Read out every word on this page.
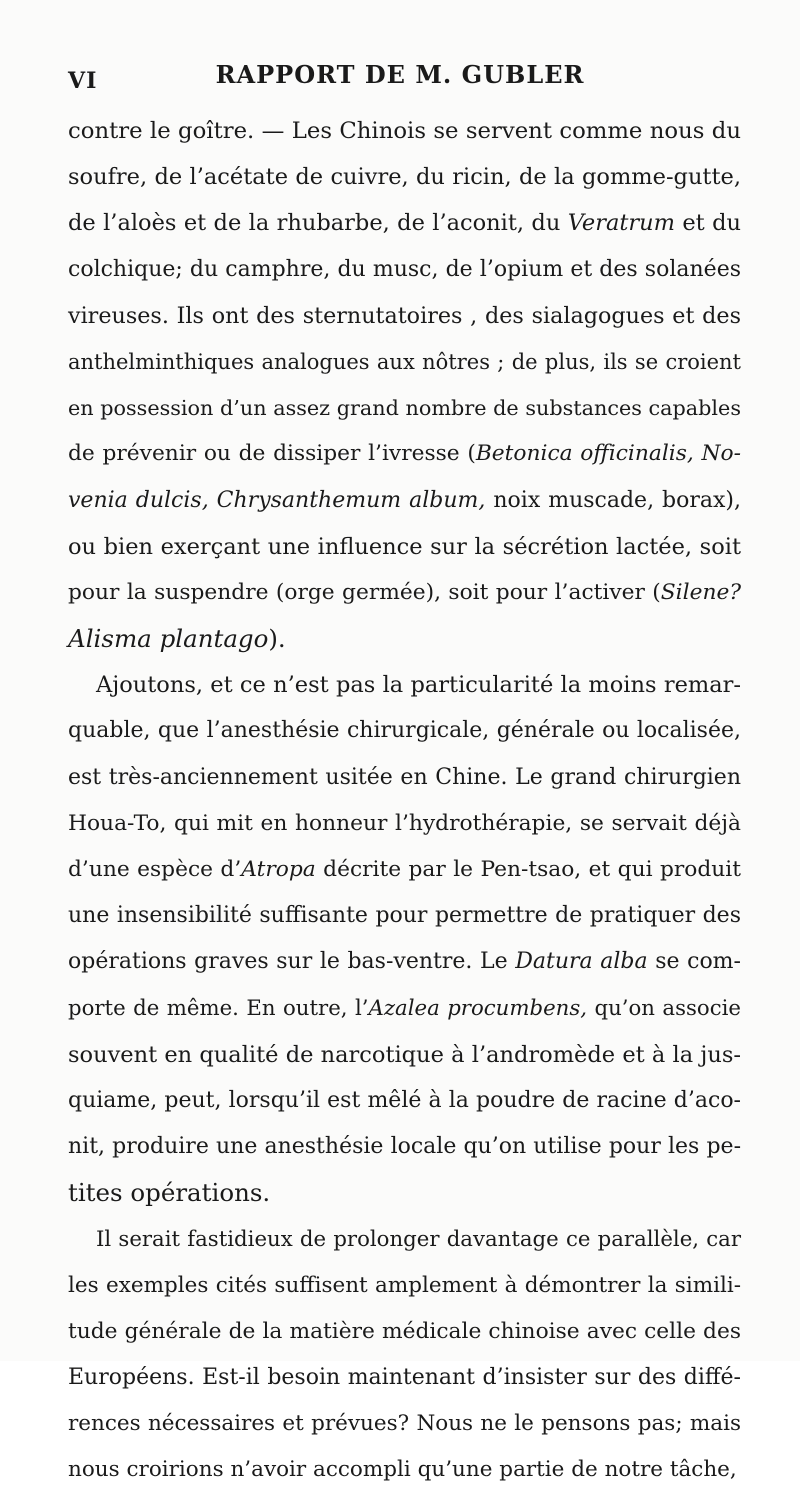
VI	RAPPORT DE M. GUBLER
contre le goître. — Les Chinois se servent comme nous du
soufre, de l’acétate de cuivre, du ricin, de la gomme-gutte,
de l’aloès et de la rhubarbe, de l’aconit, du Veratrum et du
colchique; du camphre, du musc, de l’opium et des solanées
vireuses. Ils ont des sternutatoires , des sialagogues et des
anthelminthiques analogues aux nôtres ; de plus, ils se croient
en possession d’un assez grand nombre de substances capables
de prévenir ou de dissiper l’ivresse (Betonica officinalis, No-
venia dulcis, Chrysanthemum album, noix muscade, borax),
ou bien exerçant une influence sur la sécrétion lactée, soit
pour la suspendre (orge germée), soit pour l’activer (Silene?
Alisma plantago).
Ajoutons, et ce n’est pas la particularité la moins remar-
quable, que l’anesthésie chirurgicale, générale ou localisée,
est très-anciennement usitée en Chine. Le grand chirurgien
Houa-To, qui mit en honneur l’hydrothérapie, se servait déjà
d’une espèce d’Atropa décrite par le Pen-tsao, et qui produit
une insensibilité suffisante pour permettre de pratiquer des
opérations graves sur le bas-ventre. Le Datura alba se com-
porte de même. En outre, l’Azalea procumbens, qu’on associe
souvent en qualité de narcotique à l’andromède et à la jus-
quiame, peut, lorsqu’il est mêlé à la poudre de racine d’aco-
nit, produire une anesthésie locale qu’on utilise pour les pe-
tites opérations.
Il serait fastidieux de prolonger davantage ce parallèle, car
les exemples cités suffisent amplement à démontrer la simili-
tude générale de la matière médicale chinoise avec celle des
Européens. Est-il besoin maintenant d’insister sur des diffé-
rences nécessaires et prévues? Nous ne le pensons pas; mais
nous croirions n’avoir accompli qu’une partie de notre tâche,
